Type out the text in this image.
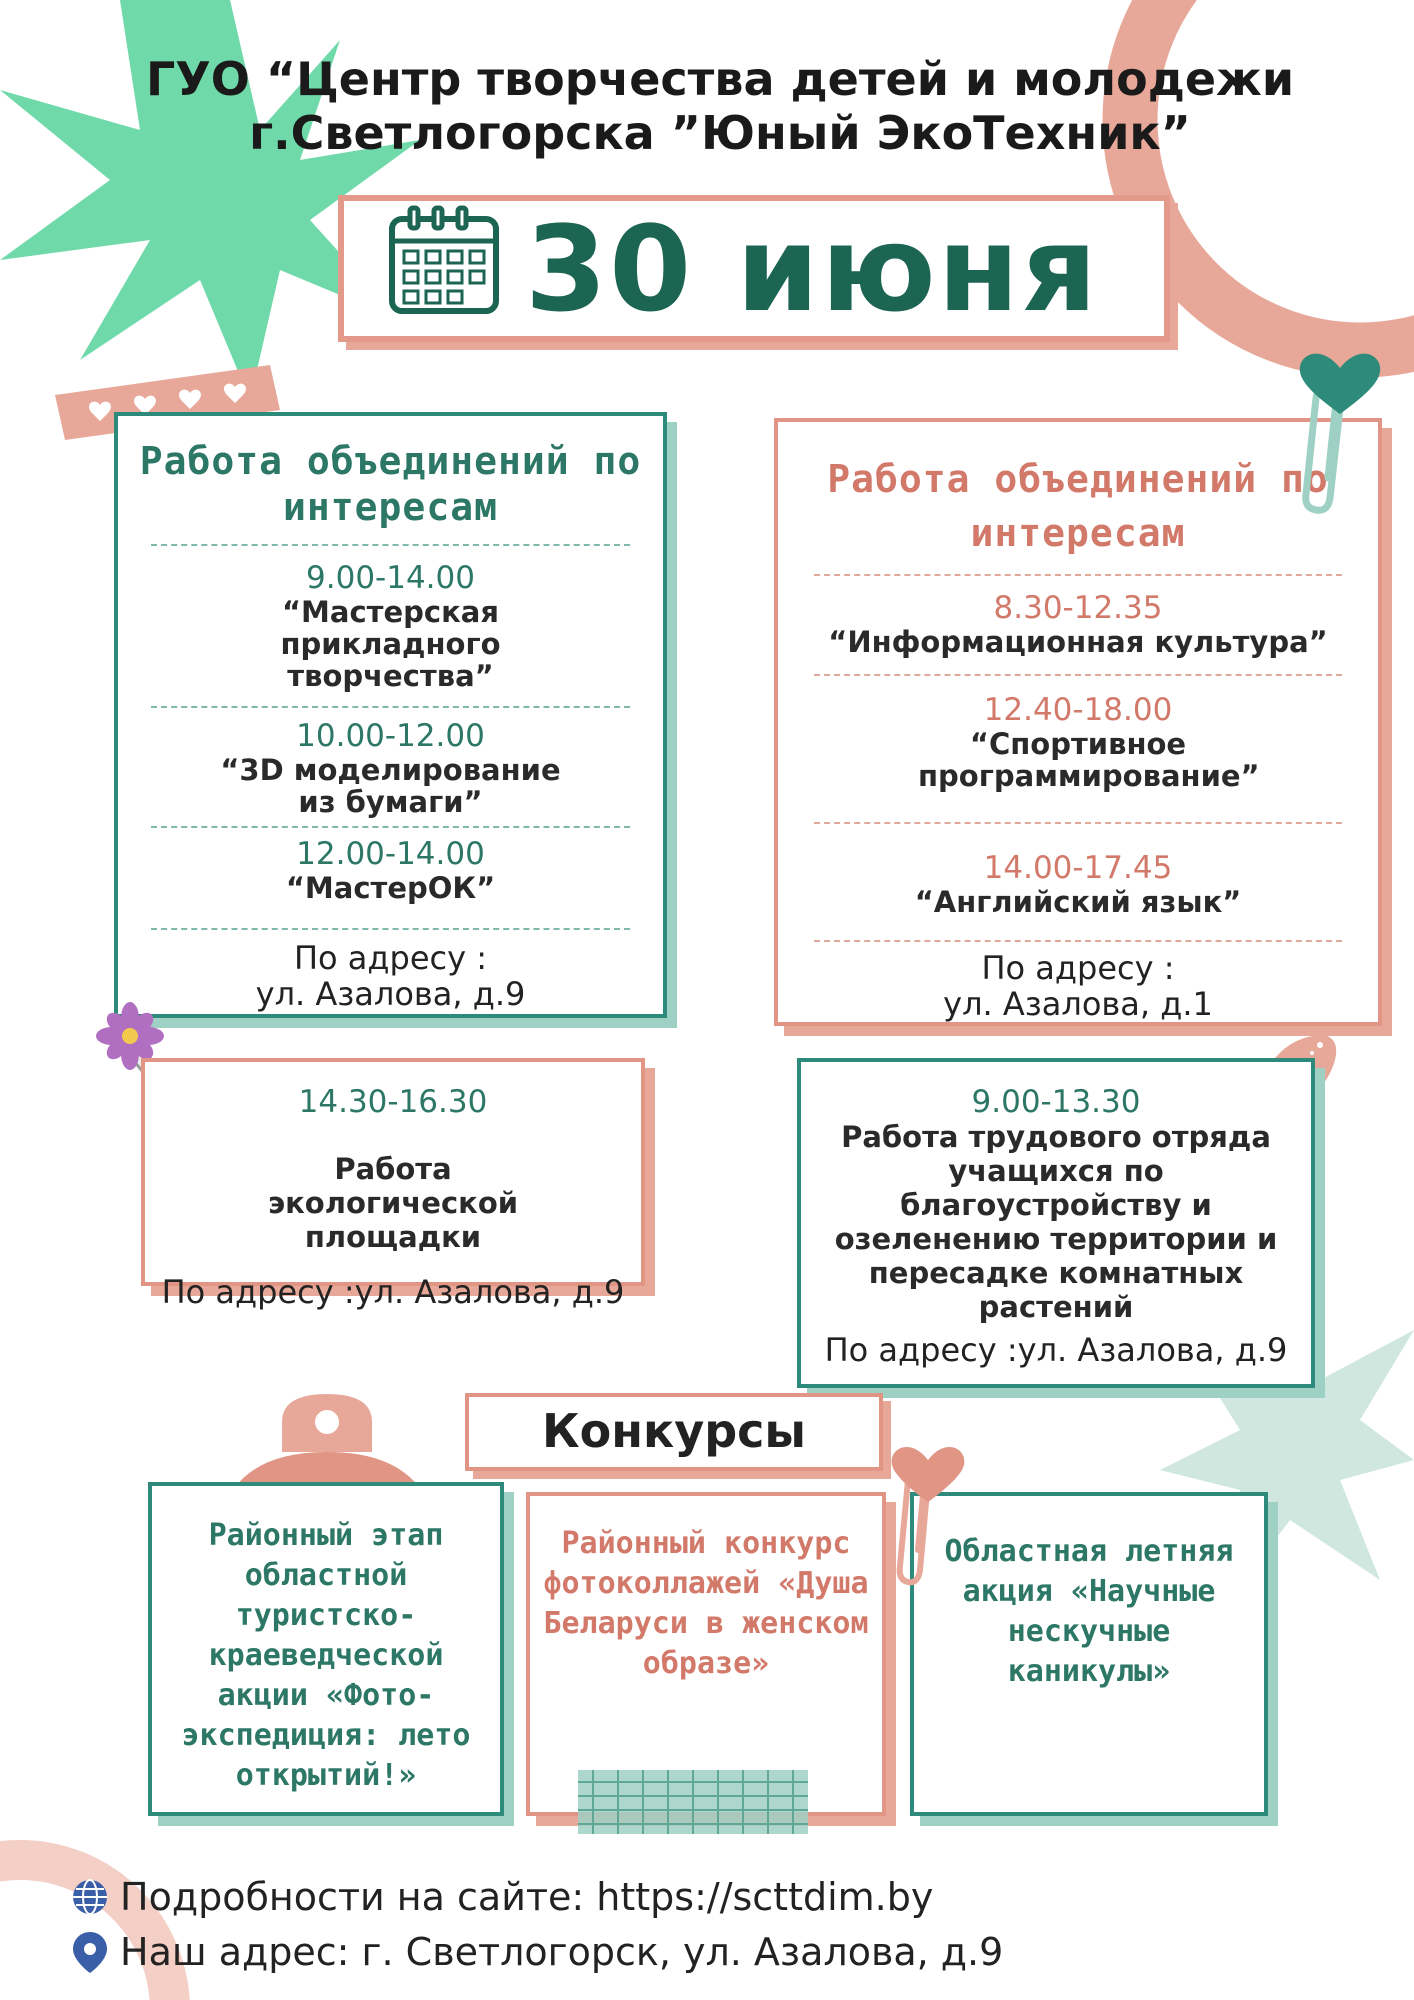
ГУО “Центр творчества детей и молодежи
г.Светлогорска ”Юный ЭкоТехник”
30 июня
Работа объединений по интересам
9.00-14.00
“Мастерская прикладного творчества”
10.00-12.00
“3D моделирование из бумаги”
12.00-14.00
“МастерОК”
По адресу :
ул. Азалова, д.9
Работа объединений по интересам
8.30-12.35
“Информационная культура”
12.40-18.00
“Спортивное программирование”
14.00-17.45
“Английский язык”
По адресу :
ул. Азалова, д.1
14.30-16.30
Работа экологической площадки
По адресу :ул. Азалова, д.9
9.00-13.30
Работа трудового отряда учащихся по благоустройству и озеленению территории и пересадке комнатных растений
По адресу :ул. Азалова, д.9
Конкурсы
Районный этап областной туристско-краеведческой акции «Фото-экспедиция: лето открытий!»
Районный конкурс фотоколлажей «Душа Беларуси в женском образе»
Областная летняя акция «Научные нескучные каникулы»
Подробности на сайте: https://scttdim.by
Наш адрес: г. Светлогорск, ул. Азалова, д.9
